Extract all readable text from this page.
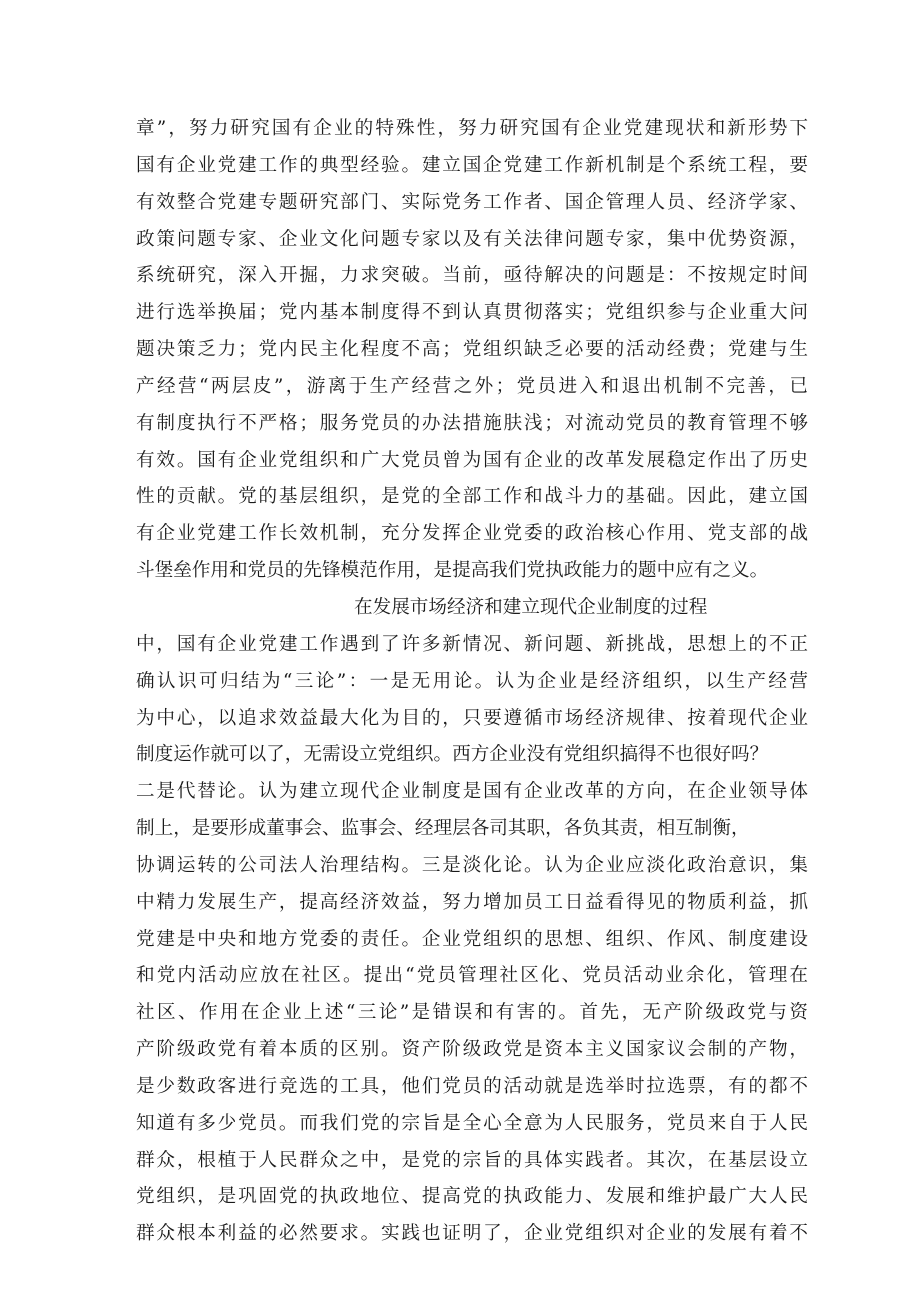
章”，努力研究国有企业的特殊性，努力研究国有企业党建现状和新形势下
国有企业党建工作的典型经验。建立国企党建工作新机制是个系统工程，要
有效整合党建专题研究部门、实际党务工作者、国企管理人员、经济学家、
政策问题专家、企业文化问题专家以及有关法律问题专家，集中优势资源，
系统研究，深入开掘，力求突破。当前，亟待解决的问题是：不按规定时间
进行选举换届；党内基本制度得不到认真贯彻落实；党组织参与企业重大问
题决策乏力；党内民主化程度不高；党组织缺乏必要的活动经费；党建与生
产经营“两层皮”，游离于生产经营之外；党员进入和退出机制不完善，已
有制度执行不严格；服务党员的办法措施肤浅；对流动党员的教育管理不够
有效。国有企业党组织和广大党员曾为国有企业的改革发展稳定作出了历史
性的贡献。党的基层组织，是党的全部工作和战斗力的基础。因此，建立国
有企业党建工作长效机制，充分发挥企业党委的政治核心作用、党支部的战
斗堡垒作用和党员的先锋模范作用，是提高我们党执政能力的题中应有之义。
在发展市场经济和建立现代企业制度的过程
中，国有企业党建工作遇到了许多新情况、新问题、新挑战，思想上的不正
确认识可归结为“三论”：一是无用论。认为企业是经济组织，以生产经营
为中心，以追求效益最大化为目的，只要遵循市场经济规律、按着现代企业
制度运作就可以了，无需设立党组织。西方企业没有党组织搞得不也很好吗？
二是代替论。认为建立现代企业制度是国有企业改革的方向，在企业领导体
制上，是要形成董事会、监事会、经理层各司其职，各负其责，相互制衡，
协调运转的公司法人治理结构。三是淡化论。认为企业应淡化政治意识，集
中精力发展生产，提高经济效益，努力增加员工日益看得见的物质利益，抓
党建是中央和地方党委的责任。企业党组织的思想、组织、作风、制度建设
和党内活动应放在社区。提出“党员管理社区化、党员活动业余化，管理在
社区、作用在企业上述“三论”是错误和有害的。首先，无产阶级政党与资
产阶级政党有着本质的区别。资产阶级政党是资本主义国家议会制的产物，
是少数政客进行竞选的工具，他们党员的活动就是选举时拉选票，有的都不
知道有多少党员。而我们党的宗旨是全心全意为人民服务，党员来自于人民
群众，根植于人民群众之中，是党的宗旨的具体实践者。其次，在基层设立
党组织，是巩固党的执政地位、提高党的执政能力、发展和维护最广大人民
群众根本利益的必然要求。实践也证明了，企业党组织对企业的发展有着不
